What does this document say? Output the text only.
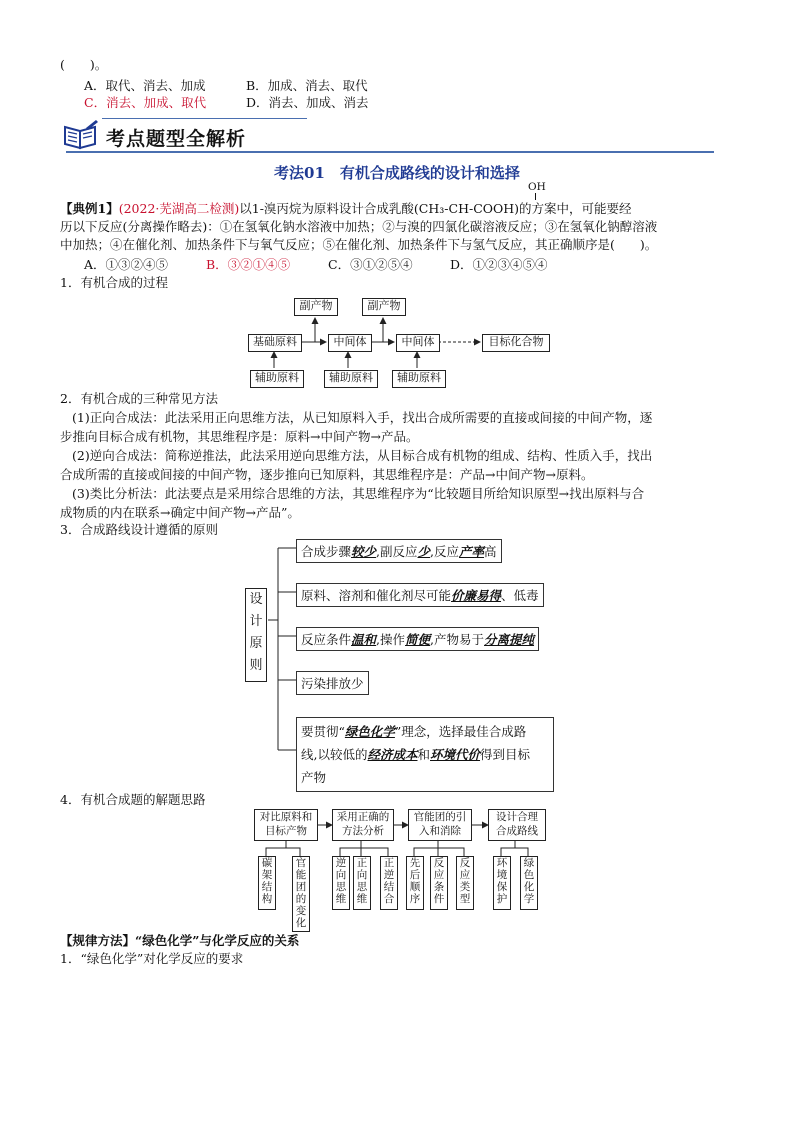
(　　)。
A．取代、消去、加成	B．加成、消去、取代
C．消去、加成、取代	D．消去、加成、消去
考点题型全解析
考法01　有机合成路线的设计和选择
OH
【典例1】(2022·芜湖高二检测)以1-溴丙烷为原料设计合成乳酸(CH₃-CH-COOH)的方案中，可能要经
历以下反应(分离操作略去)：①在氢氧化钠水溶液中加热；②与溴的四氯化碳溶液反应；③在氢氧化钠醇溶液
中加热；④在催化剂、加热条件下与氧气反应；⑤在催化剂、加热条件下与氢气反应，其正确顺序是(　　)。
A．①③②④⑤	B．③②①④⑤	C．③①②⑤④	D．①②③④⑤④
1．有机合成的过程
副产物	副产物
基础原料	中间体	中间体	目标化合物
辅助原料	辅助原料	辅助原料
2．有机合成的三种常见方法
(1)正向合成法：此法采用正向思维方法，从已知原料入手，找出合成所需要的直接或间接的中间产物，逐
步推向目标合成有机物，其思维程序是：原料→中间产物→产品。
(2)逆向合成法：简称逆推法，此法采用逆向思维方法，从目标合成有机物的组成、结构、性质入手，找出
合成所需的直接或间接的中间产物，逐步推向已知原料，其思维程序是：产品→中间产物→原料。
(3)类比分析法：此法要点是采用综合思维的方法，其思维程序为“比较题目所给知识原型→找出原料与合
成物质的内在联系→确定中间产物→产品”。
3．合成路线设计遵循的原则
设
计
原
则
合成步骤较少,副反应少,反应产率高
原料、溶剂和催化剂尽可能价廉易得、低毒
反应条件温和,操作简便,产物易于分离提纯
污染排放少
要贯彻“绿色化学”理念，选择最佳合成路
线,以较低的经济成本和环境代价得到目标
产物
4．有机合成题的解题思路
对比原料和
目标产物
采用正确的
方法分析
官能团的引
入和消除
设计合理
合成路线
碳架结构
官能团的变化
逆向思维
正向思维
正逆结合
先后顺序
反应条件
反应类型
环境保护
绿色化学
【规律方法】“绿色化学”与化学反应的关系
1．“绿色化学”对化学反应的要求
